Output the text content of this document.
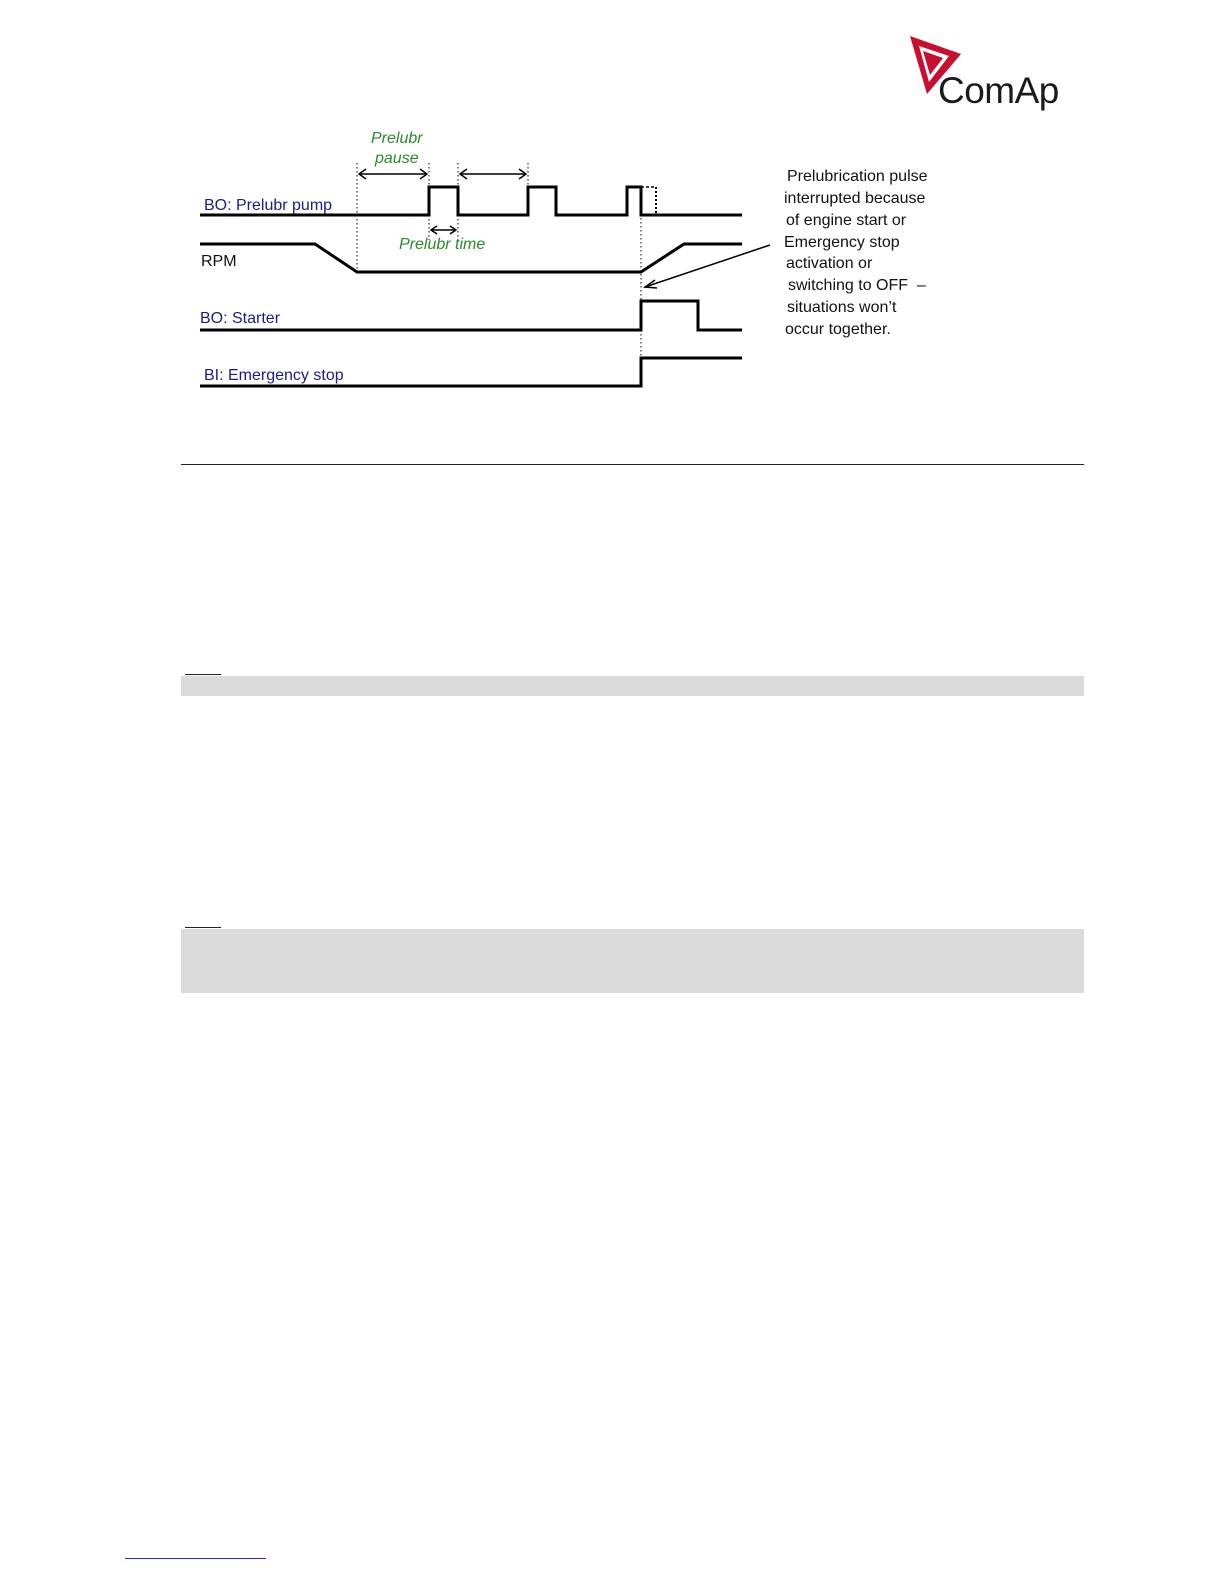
ComAp
BO: Prelubr pump
RPM
BO: Starter
BI: Emergency stop
Prelubr
pause
Prelubr time
Prelubrication pulse
interrupted because
of engine start or
Emergency stop
activation or
switching to OFF –
situations won’t
occur together.
